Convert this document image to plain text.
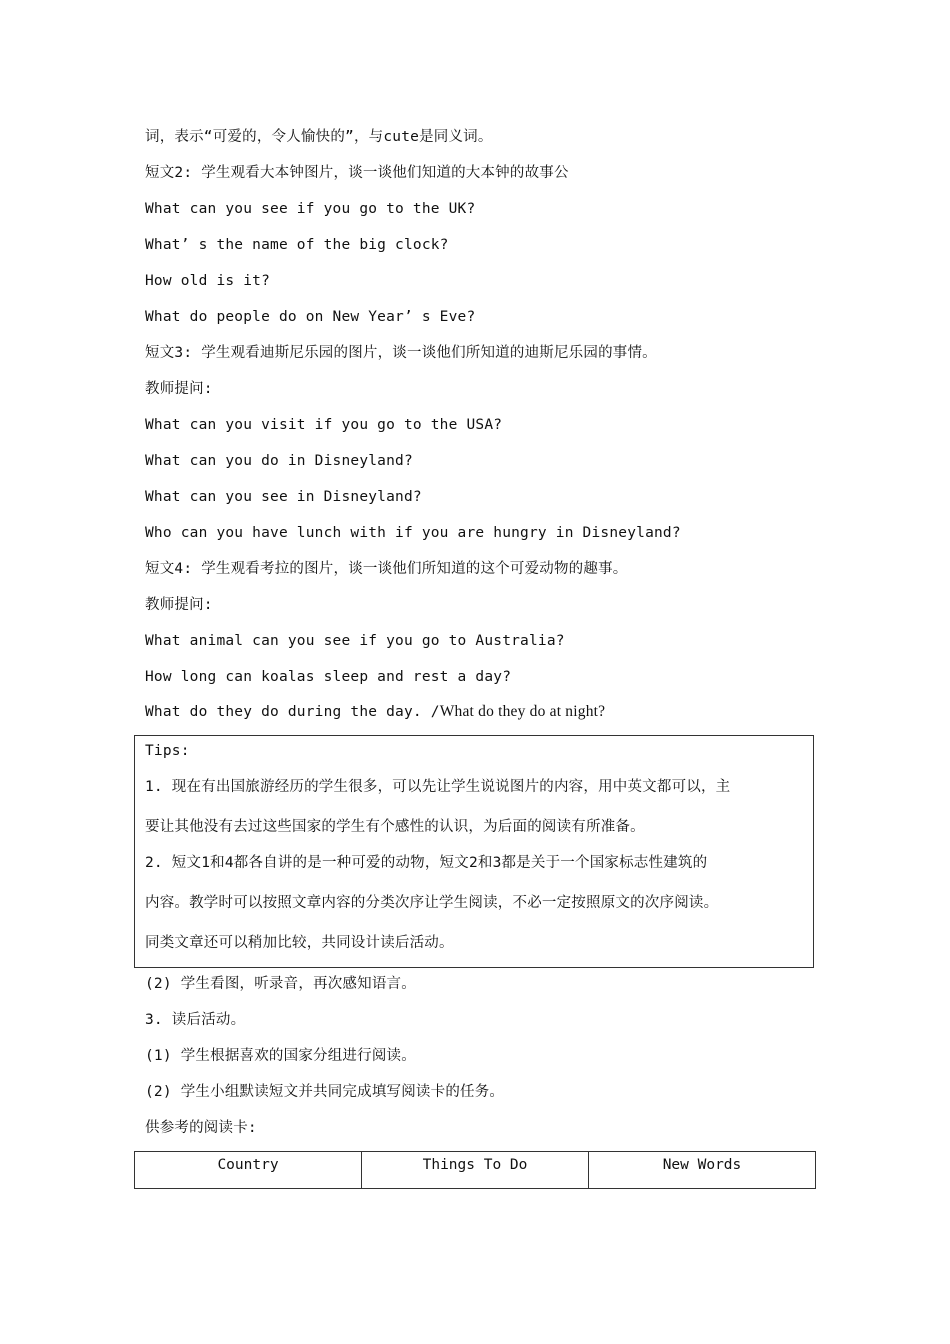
词，表示“可爱的，令人愉快的”，与cute是同义词。
短文2: 学生观看大本钟图片，谈一谈他们知道的大本钟的故事公
What can you see if you go to the UK?
What’ s the name of the big clock?
How old is it?
What do people do on New Year’ s Eve?
短文3: 学生观看迪斯尼乐园的图片，谈一谈他们所知道的迪斯尼乐园的事情。
教师提问:
What can you visit if you go to the USA?
What can you do in Disneyland?
What can you see in Disneyland?
Who can you have lunch with if you are hungry in Disneyland?
短文4: 学生观看考拉的图片，谈一谈他们所知道的这个可爱动物的趣事。
教师提问:
What animal can you see if you go to Australia?
How long can koalas sleep and rest a day?
What do they do during the day. /What do they do at night?
Tips:
1. 现在有出国旅游经历的学生很多，可以先让学生说说图片的内容，用中英文都可以，主
要让其他没有去过这些国家的学生有个感性的认识，为后面的阅读有所准备。
2. 短文1和4都各自讲的是一种可爱的动物，短文2和3都是关于一个国家标志性建筑的
内容。教学时可以按照文章内容的分类次序让学生阅读，不必一定按照原文的次序阅读。
同类文章还可以稍加比较，共同设计读后活动。
(2) 学生看图，听录音，再次感知语言。
3. 读后活动。
(1) 学生根据喜欢的国家分组进行阅读。
(2) 学生小组默读短文并共同完成填写阅读卡的任务。
供参考的阅读卡:
Country	Things To Do	New Words
